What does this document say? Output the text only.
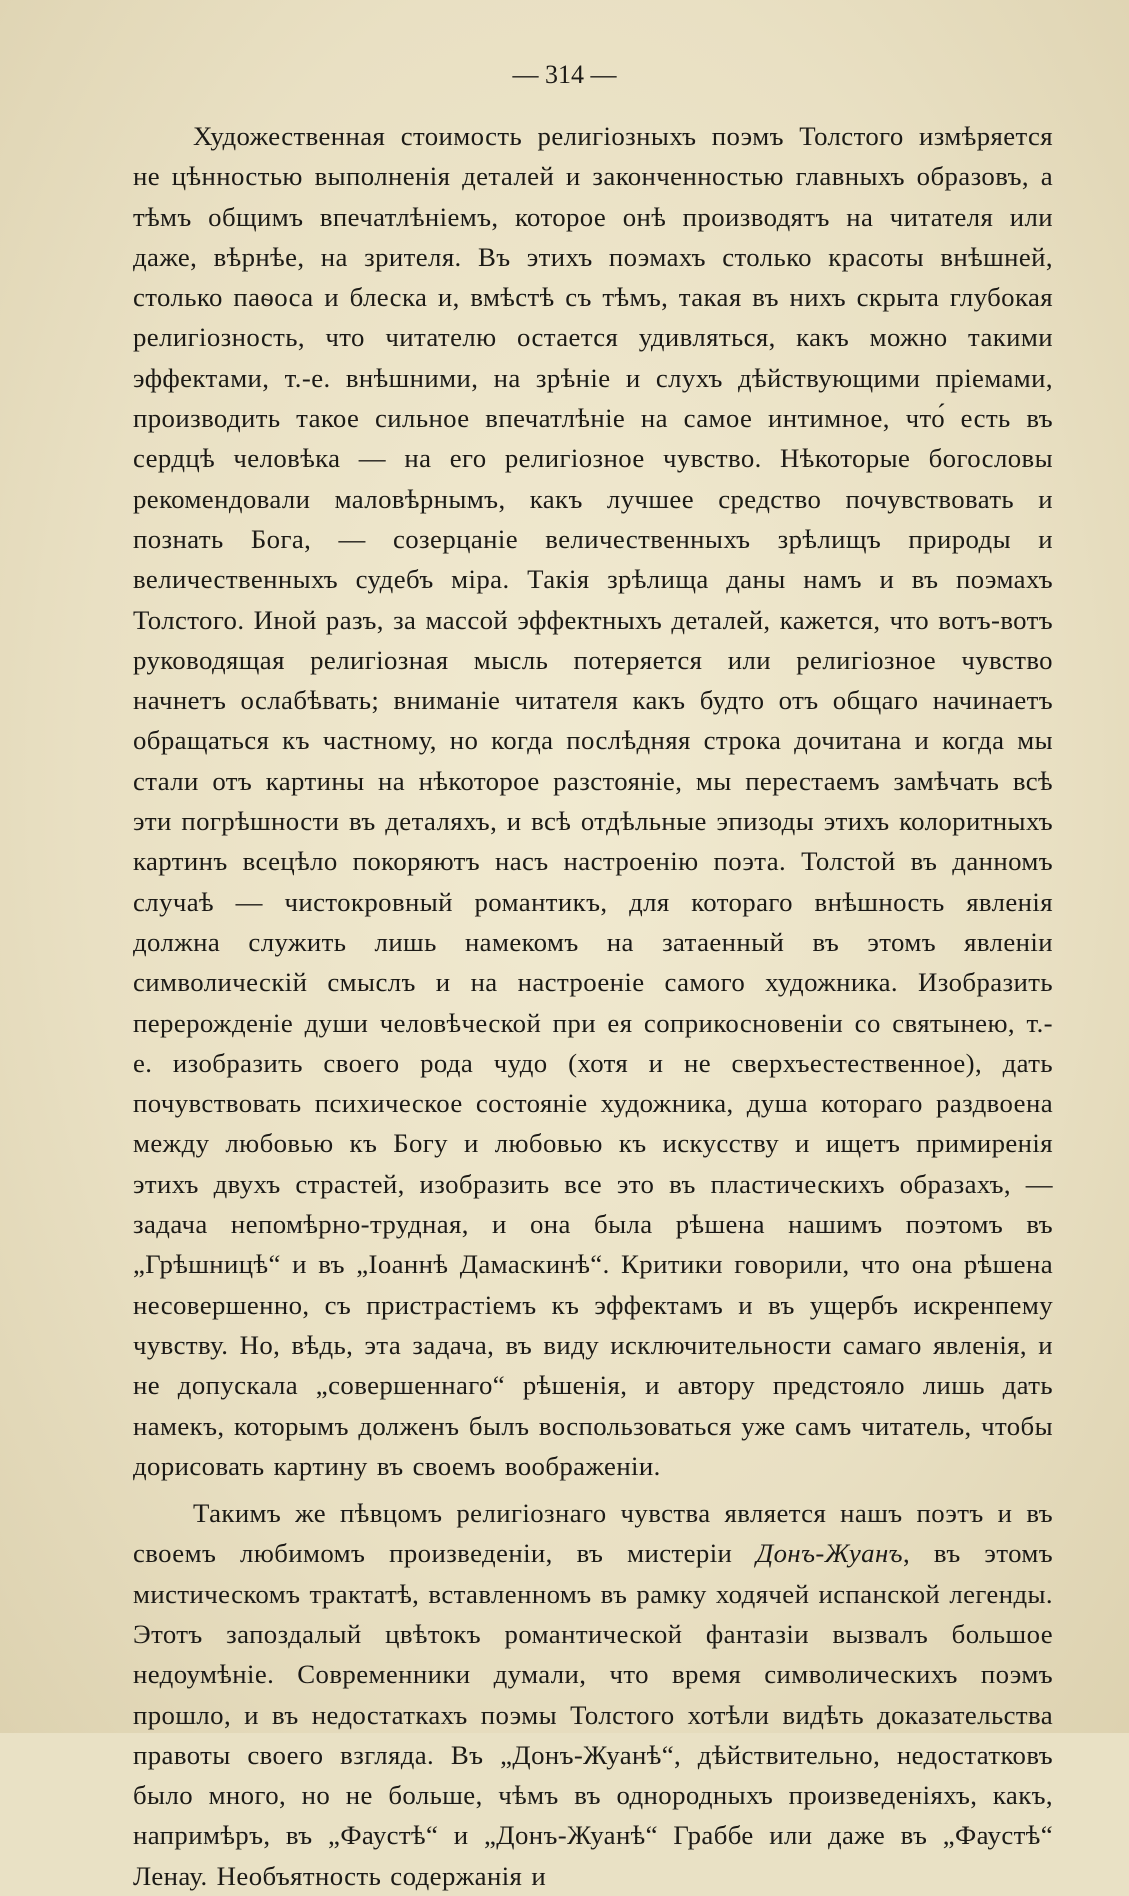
— 314 —

Художественная стоимость религіозныхъ поэмъ Толстого измѣряется не цѣнностью выполненія деталей и законченностью главныхъ образовъ, а тѣмъ общимъ впечатлѣніемъ, которое онѣ производятъ на читателя или даже, вѣрнѣе, на зрителя. Въ этихъ поэмахъ столько красоты внѣшней, столько паѳоса и блеска и, вмѣстѣ съ тѣмъ, такая въ нихъ скрыта глубокая религіозность, что читателю остается удивляться, какъ можно такими эффектами, т.-е. внѣшними, на зрѣніе и слухъ дѣйствующими пріемами, производить такое сильное впечатлѣніе на самое интимное, что́ есть въ сердцѣ человѣка — на его религіозное чувство. Нѣкоторые богословы рекомендовали маловѣрнымъ, какъ лучшее средство почувствовать и познать Бога, — созерцаніе величественныхъ зрѣлищъ природы и величественныхъ судебъ міра. Такія зрѣлища даны намъ и въ поэмахъ Толстого. Иной разъ, за массой эффектныхъ деталей, кажется, что вотъ-вотъ руководящая религіозная мысль потеряется или религіозное чувство начнетъ ослабѣвать; вниманіе читателя какъ будто отъ общаго начинаетъ обращаться къ частному, но когда послѣдняя строка дочитана и когда мы стали отъ картины на нѣкоторое разстояніе, мы перестаемъ замѣчать всѣ эти погрѣшности въ деталяхъ, и всѣ отдѣльные эпизоды этихъ колоритныхъ картинъ всецѣло покоряютъ насъ настроенію поэта. Толстой въ данномъ случаѣ — чистокровный романтикъ, для котораго внѣшность явленія должна служить лишь намекомъ на затаенный въ этомъ явленіи символическій смыслъ и на настроеніе самого художника. Изобразить перерожденіе души человѣческой при ея соприкосновеніи со святынею, т.-е. изобразить своего рода чудо (хотя и не сверхъестественное), дать почувствовать психическое состояніе художника, душа котораго раздвоена между любовью къ Богу и любовью къ искусству и ищетъ примиренія этихъ двухъ страстей, изобразить все это въ пластическихъ образахъ, — задача непомѣрно-трудная, и она была рѣшена нашимъ поэтомъ въ „Грѣшницѣ“ и въ „Іоаннѣ Дамаскинѣ“. Критики говорили, что она рѣшена несовершенно, съ пристрастіемъ къ эффектамъ и въ ущербъ искренпему чувству. Но, вѣдь, эта задача, въ виду исключительности самаго явленія, и не допускала „совершеннаго“ рѣшенія, и автору предстояло лишь дать намекъ, которымъ долженъ былъ воспользоваться уже самъ читатель, чтобы дорисовать картину въ своемъ воображеніи.

Такимъ же пѣвцомъ религіознаго чувства является нашъ поэтъ и въ своемъ любимомъ произведеніи, въ мистеріи Донъ-Жуанъ, въ этомъ мистическомъ трактатѣ, вставленномъ въ рамку ходячей испанской легенды. Этотъ запоздалый цвѣтокъ романтической фантазіи вызвалъ большое недоумѣніе. Современники думали, что время символическихъ поэмъ прошло, и въ недостаткахъ поэмы Толстого хотѣли видѣть доказательства правоты своего взгляда. Въ „Донъ-Жуанѣ“, дѣйствительно, недостатковъ было много, но не больше, чѣмъ въ однородныхъ произведеніяхъ, какъ, напримѣръ, въ „Фаустѣ“ и „Донъ-Жуанѣ“ Граббе или даже въ „Фаустѣ“ Ленау. Необъятность содержанія и
